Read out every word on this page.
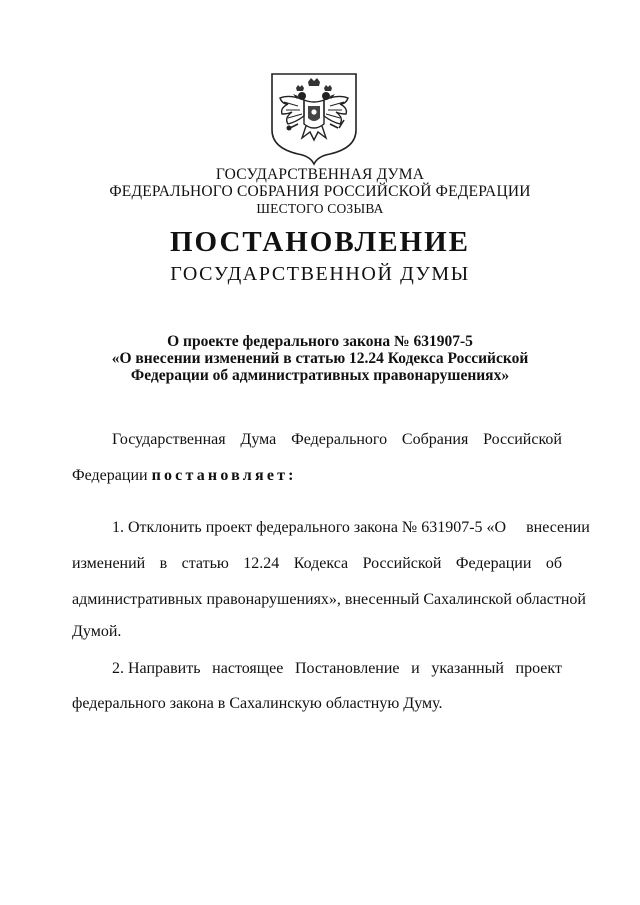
ГОСУДАРСТВЕННАЯ ДУМА
ФЕДЕРАЛЬНОГО СОБРАНИЯ РОССИЙСКОЙ ФЕДЕРАЦИИ
ШЕСТОГО СОЗЫВА
ПОСТАНОВЛЕНИЕ
ГОСУДАРСТВЕННОЙ ДУМЫ
О проекте федерального закона № 631907-5
«О внесении изменений в статью 12.24 Кодекса Российской
Федерации об административных правонарушениях»
Государственная Дума Федерального Собрания Российской
Федерации постановляет:
1. Отклонить проект федерального закона № 631907-5 «О внесении
изменений в статью 12.24 Кодекса Российской Федерации об
административных правонарушениях», внесенный Сахалинской областной
Думой.
2. Направить настоящее Постановление и указанный проект
федерального закона в Сахалинскую областную Думу.
